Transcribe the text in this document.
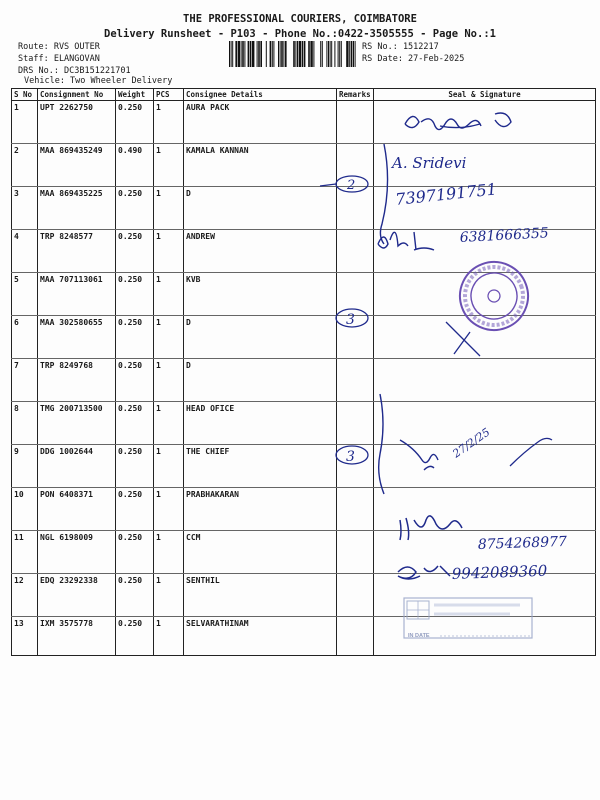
THE PROFESSIONAL COURIERS, COIMBATORE
Delivery Runsheet - P103 - Phone No.:0422-3505555 - Page No.:1
Route: RVS OUTER
Staff: ELANGOVAN
DRS No.: DC3B151221701
Vehicle: Two Wheeler Delivery
RS No.: 1512217
RS Date: 27-Feb-2025
S No	Consignment No	Weight	PCS	Consignee Details	Remarks	Seal & Signature
1	UPT 2262750	0.250	1	AURA PACK		
2	MAA 869435249	0.490	1	KAMALA KANNAN		
3	MAA 869435225	0.250	1	D		
4	TRP 8248577	0.250	1	ANDREW		
5	MAA 707113061	0.250	1	KVB		
6	MAA 302580655	0.250	1	D		
7	TRP 8249768	0.250	1	D		
8	TMG 200713500	0.250	1	HEAD OFICE		
9	DDG 1002644	0.250	1	THE CHIEF		
10	PON 6408371	0.250	1	PRABHAKARAN		
11	NGL 6198009	0.250	1	CCM		
12	EDQ 23292338	0.250	1	SENTHIL		
13	IXM 3575778	0.250	1	SELVARATHINAM		
2
3
3
A. Sridevi
7397191751
6381666355
27/2/25
8754268977
9942089360
IN DATE
